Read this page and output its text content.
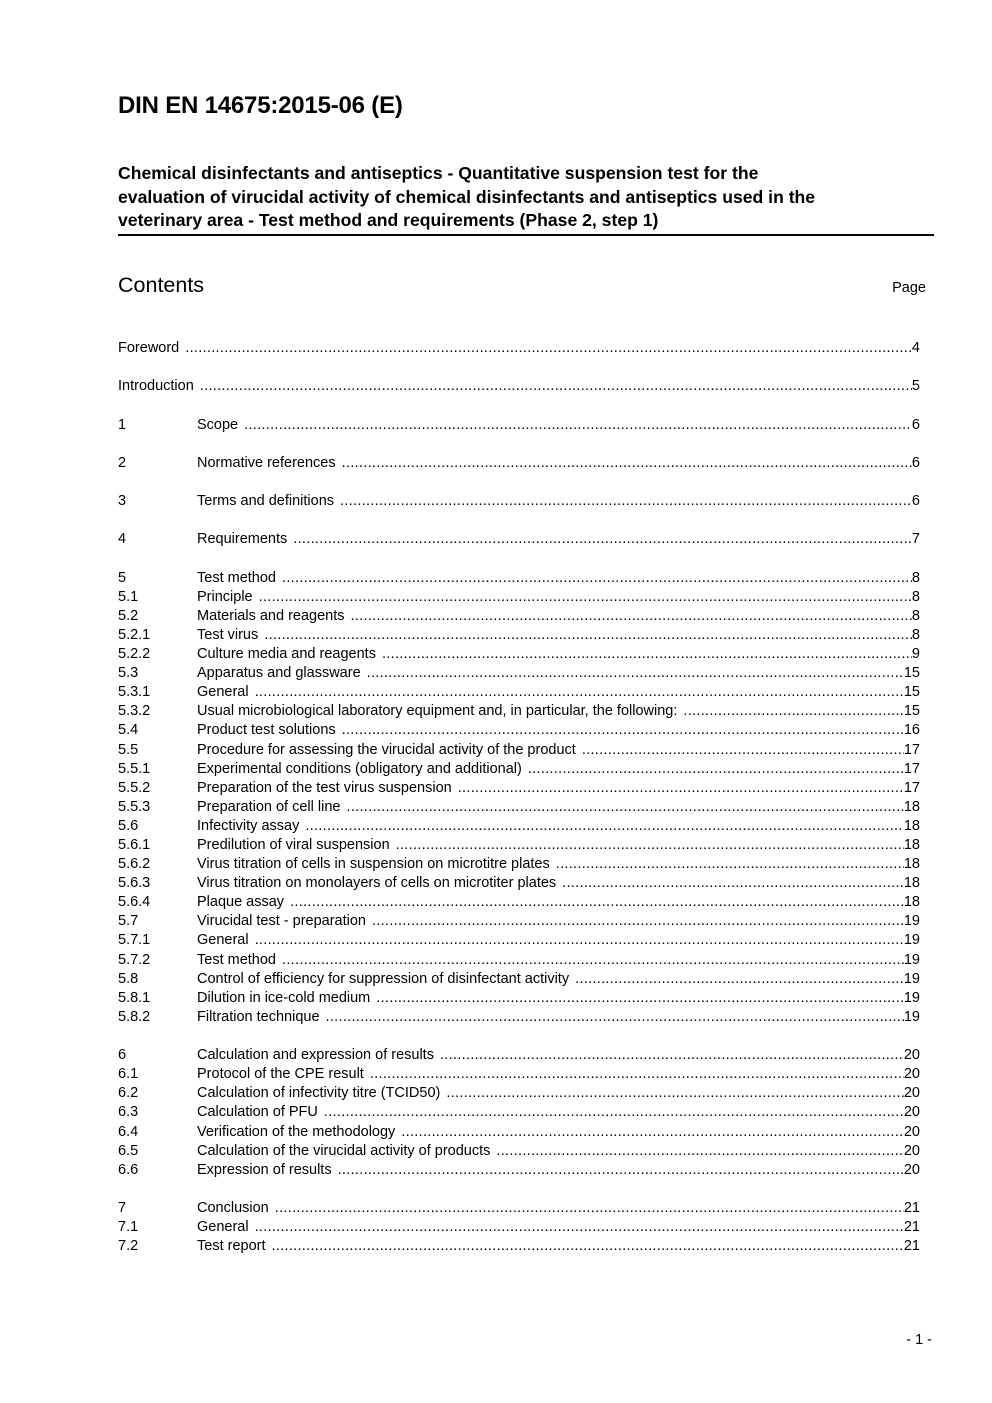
DIN EN 14675:2015-06 (E)
Chemical disinfectants and antiseptics - Quantitative suspension test for the
evaluation of virucidal activity of chemical disinfectants and antiseptics used in the
veterinary area - Test method and requirements (Phase 2, step 1)
Contents	Page
Foreword .....	4
Introduction .....	5
1	Scope .....	6
2	Normative references .....	6
3	Terms and definitions .....	6
4	Requirements .....	7
5	Test method .....	8
5.1	Principle .....	8
5.2	Materials and reagents .....	8
5.2.1	Test virus .....	8
5.2.2	Culture media and reagents .....	9
5.3	Apparatus and glassware .....	15
5.3.1	General .....	15
5.3.2	Usual microbiological laboratory equipment and, in particular, the following: .....	15
5.4	Product test solutions .....	16
5.5	Procedure for assessing the virucidal activity of the product .....	17
5.5.1	Experimental conditions (obligatory and additional) .....	17
5.5.2	Preparation of the test virus suspension .....	17
5.5.3	Preparation of cell line .....	18
5.6	Infectivity assay .....	18
5.6.1	Predilution of viral suspension .....	18
5.6.2	Virus titration of cells in suspension on microtitre plates .....	18
5.6.3	Virus titration on monolayers of cells on microtiter plates .....	18
5.6.4	Plaque assay .....	18
5.7	Virucidal test - preparation .....	19
5.7.1	General .....	19
5.7.2	Test method .....	19
5.8	Control of efficiency for suppression of disinfectant activity .....	19
5.8.1	Dilution in ice-cold medium .....	19
5.8.2	Filtration technique .....	19
6	Calculation and expression of results .....	20
6.1	Protocol of the CPE result .....	20
6.2	Calculation of infectivity titre (TCID50) .....	20
6.3	Calculation of PFU .....	20
6.4	Verification of the methodology .....	20
6.5	Calculation of the virucidal activity of products .....	20
6.6	Expression of results .....	20
7	Conclusion .....	21
7.1	General .....	21
7.2	Test report .....	21
- 1 -
